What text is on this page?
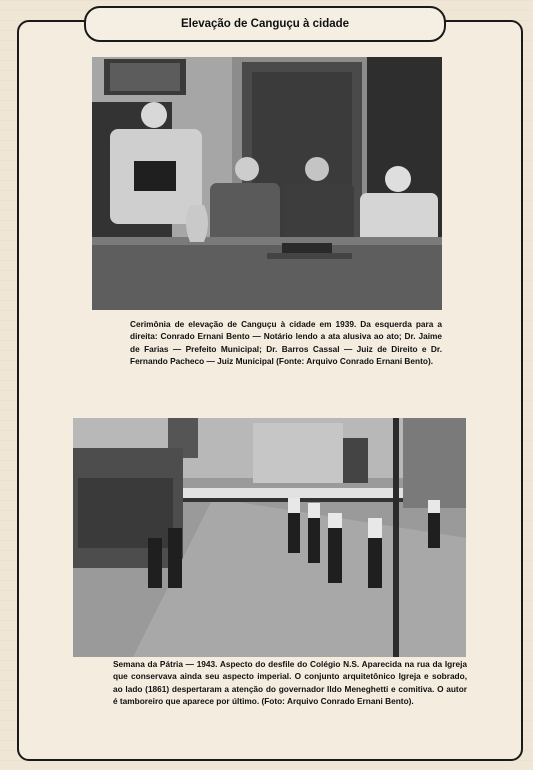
Elevação de Canguçu à cidade
Cerimônia de elevação de Canguçu à cidade em 1939. Da esquerda para a direita: Conrado Ernani Bento — Notário lendo a ata alusiva ao ato; Dr. Jaime de Farias — Prefeito Municipal; Dr. Barros Cassal — Juiz de Direito e Dr. Fernando Pacheco — Juiz Municipal (Fonte: Arquivo Conrado Ernani Bento).
Semana da Pátria — 1943. Aspecto do desfile do Colégio N.S. Aparecida na rua da Igreja que conservava ainda seu aspecto imperial. O conjunto arquitetônico Igreja e sobrado, ao lado (1861) despertaram a atenção do governador Ildo Meneghetti e comitiva. O autor é tamboreiro que aparece por último. (Foto: Arquivo Conrado Ernani Bento).
